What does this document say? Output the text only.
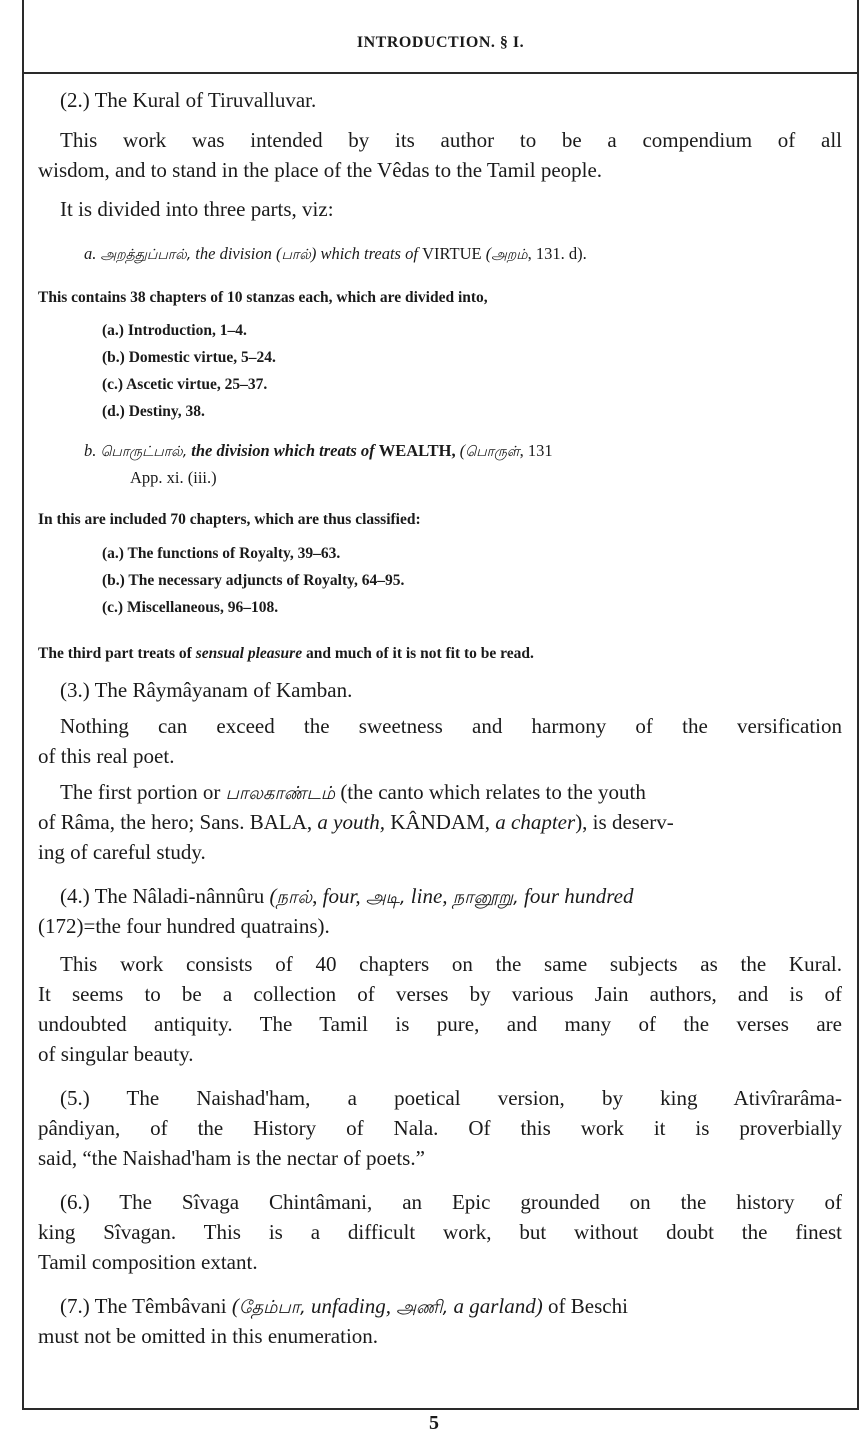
INTRODUCTION. § I.
(2.) The Kural of Tiruvalluvar.
This work was intended by its author to be a compendium of all
wisdom, and to stand in the place of the Vêdas to the Tamil people.
It is divided into three parts, viz:
a. அறத்துப்பால், the division (பால்) which treats of VIRTUE (அறம், 131. d).
This contains 38 chapters of 10 stanzas each, which are divided into,
(a.) Introduction, 1–4.
(b.) Domestic virtue, 5–24.
(c.) Ascetic virtue, 25–37.
(d.) Destiny, 38.
b. பொருட்பால், the division which treats of WEALTH, (பொருள், 131
App. xi. (iii.)
In this are included 70 chapters, which are thus classified:
(a.) The functions of Royalty, 39–63.
(b.) The necessary adjuncts of Royalty, 64–95.
(c.) Miscellaneous, 96–108.
The third part treats of sensual pleasure and much of it is not fit to be read.
(3.) The Râymâyanam of Kamban.
Nothing can exceed the sweetness and harmony of the versification
of this real poet.
The first portion or பாலகாண்டம் (the canto which relates to the youth
of Râma, the hero; Sans. BALA, a youth, KÂNDAM, a chapter), is deserv-
ing of careful study.
(4.) The Nâladi-nânnûru (நால், four, அடி, line, நானூறு, four hundred
(172)=the four hundred quatrains).
This work consists of 40 chapters on the same subjects as the Kural.
It seems to be a collection of verses by various Jain authors, and is of
undoubted antiquity. The Tamil is pure, and many of the verses are
of singular beauty.
(5.) The Naishad'ham, a poetical version, by king Ativîrarâma-
pândiyan, of the History of Nala. Of this work it is proverbially
said, “the Naishad'ham is the nectar of poets.”
(6.) The Sîvaga Chintâmani, an Epic grounded on the history of
king Sîvagan. This is a difficult work, but without doubt the finest
Tamil composition extant.
(7.) The Têmbâvani (தேம்பா, unfading, அணி, a garland) of Beschi
must not be omitted in this enumeration.
5
